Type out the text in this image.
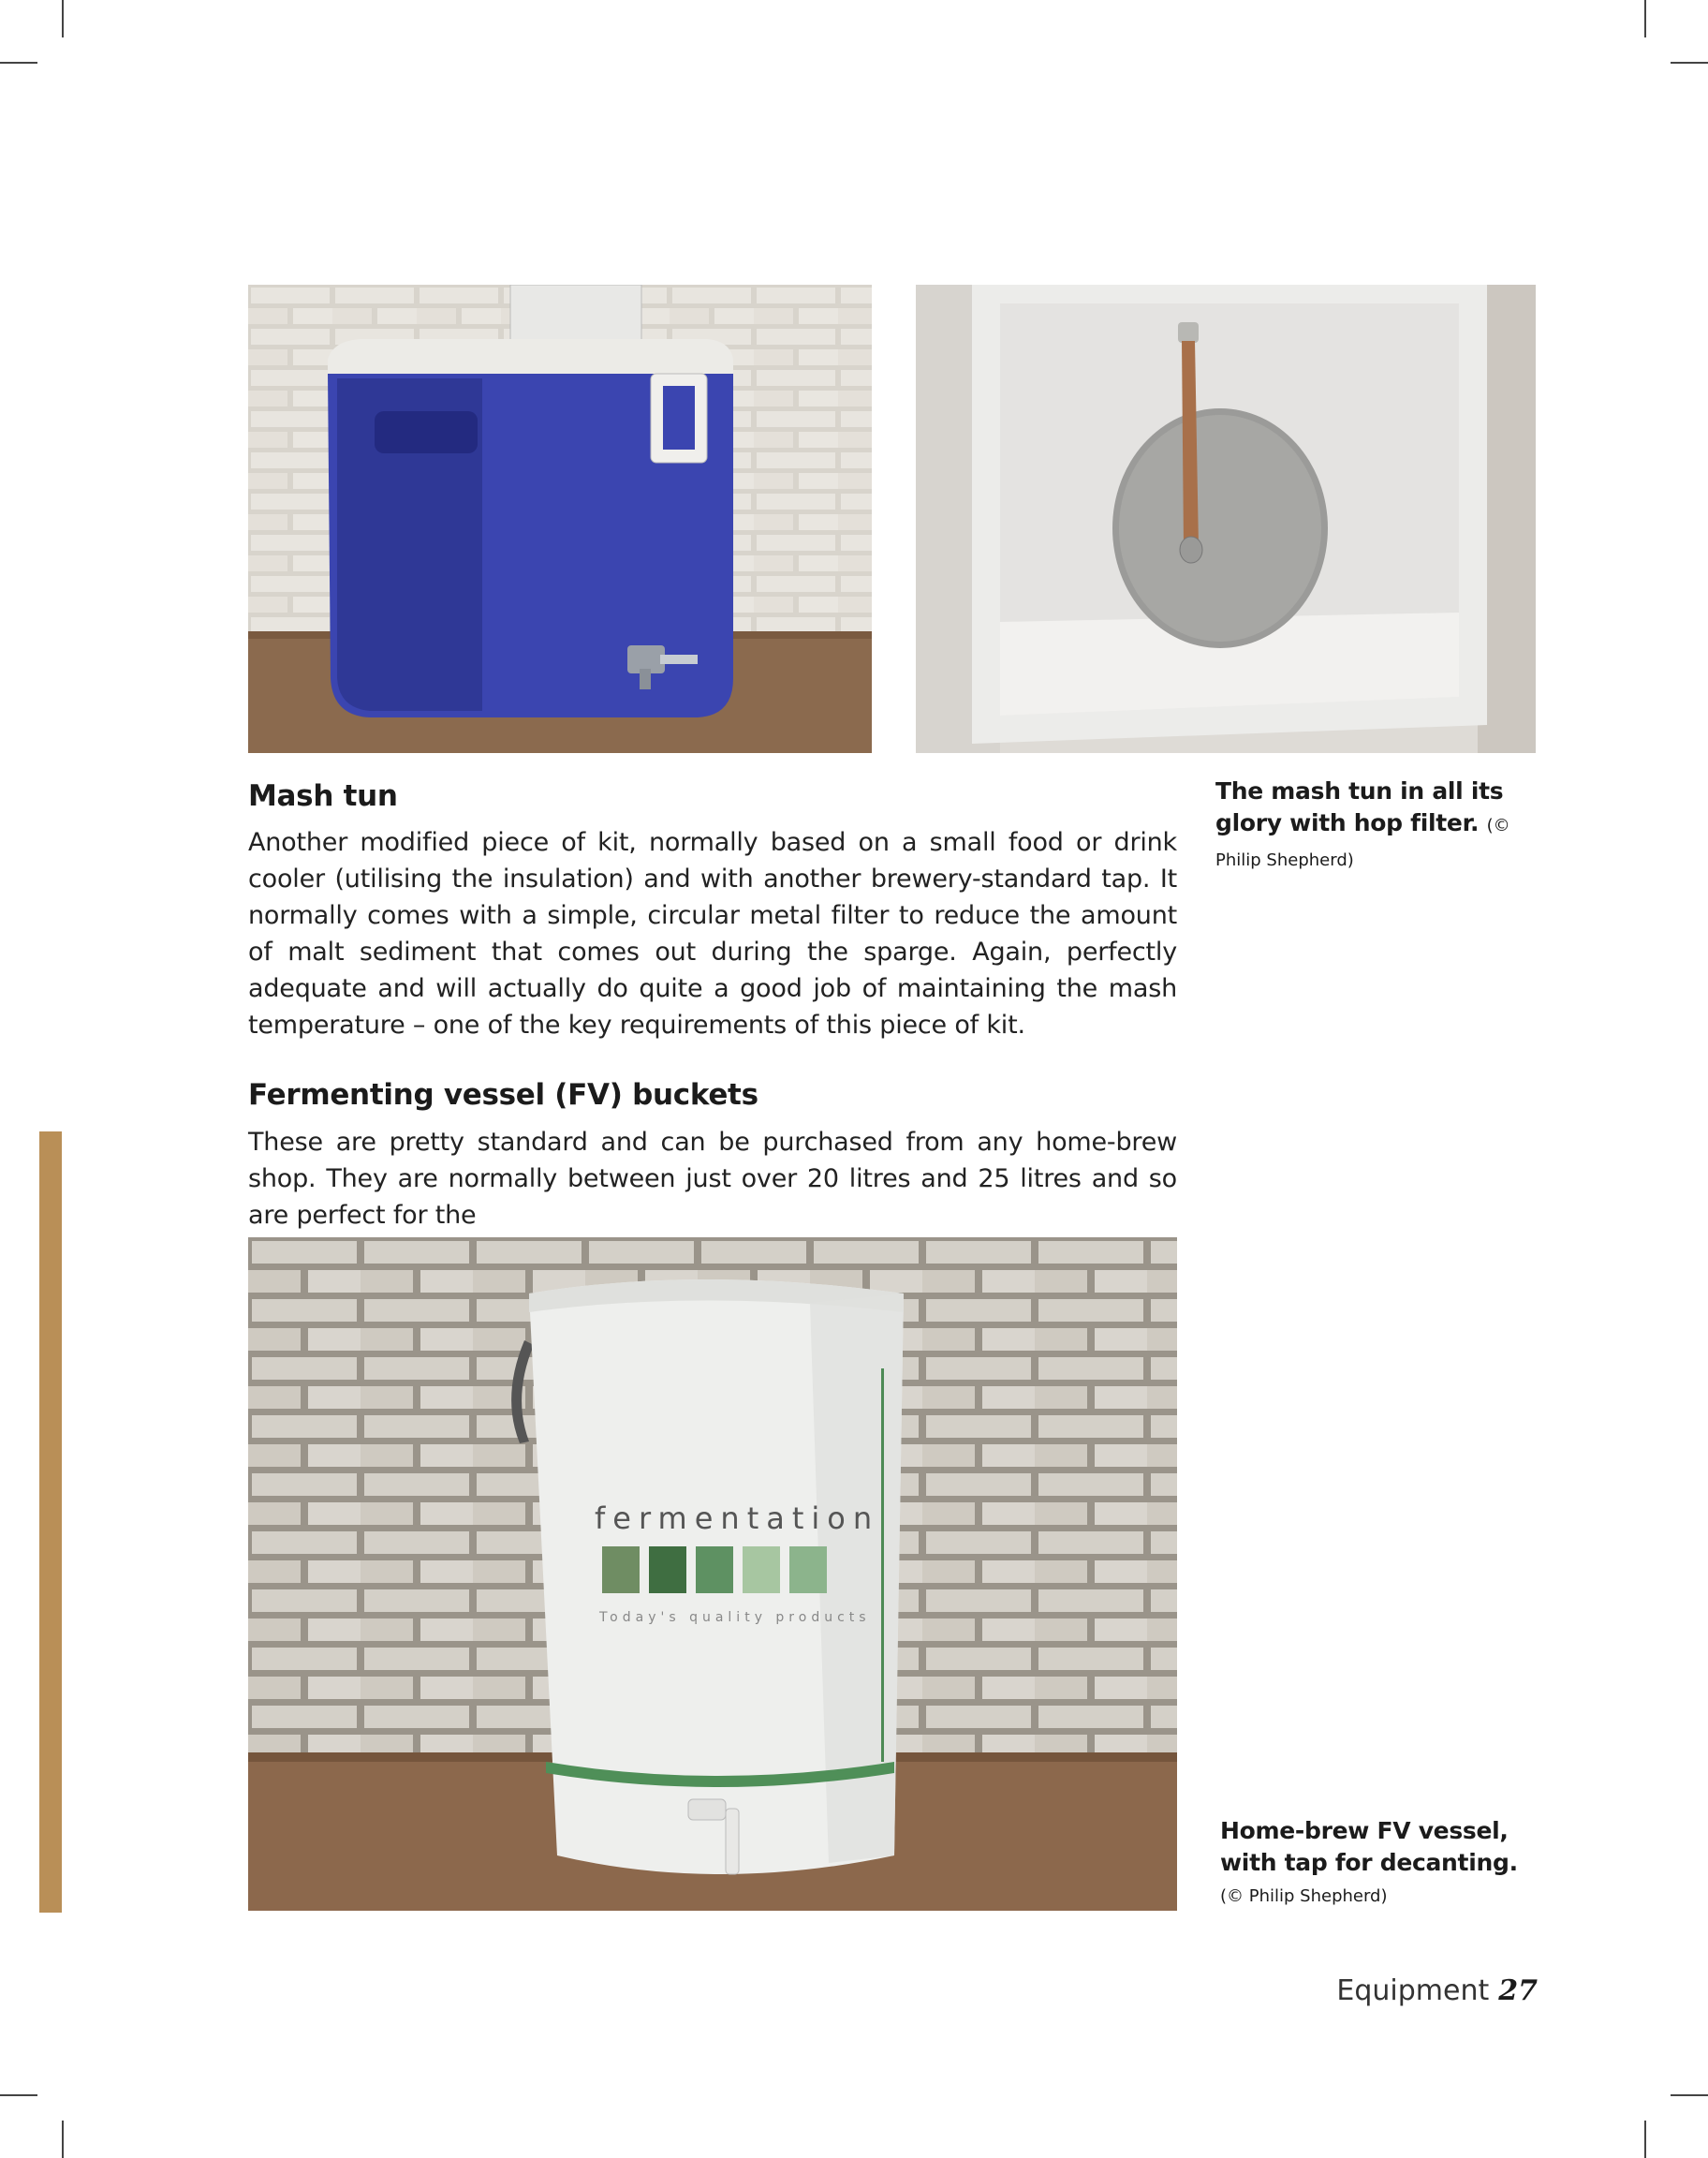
The mash tun in all its glory with hop filter. (© Philip Shepherd)
Mash tun
Another modified piece of kit, normally based on a small food or drink cooler (utilising the insulation) and with another brewery-standard tap. It normally comes with a simple, circular metal filter to reduce the amount of malt sediment that comes out during the sparge. Again, perfectly adequate and will actually do quite a good job of maintaining the mash temperature – one of the key requirements of this piece of kit.
Fermenting vessel (FV) buckets
These are pretty standard and can be purchased from any home-brew shop. They are normally between just over 20 litres and 25 litres and so are perfect for the
fermentation
Today's quality products
Home-brew FV vessel, with tap for decanting.
(© Philip Shepherd)
Equipment 27
